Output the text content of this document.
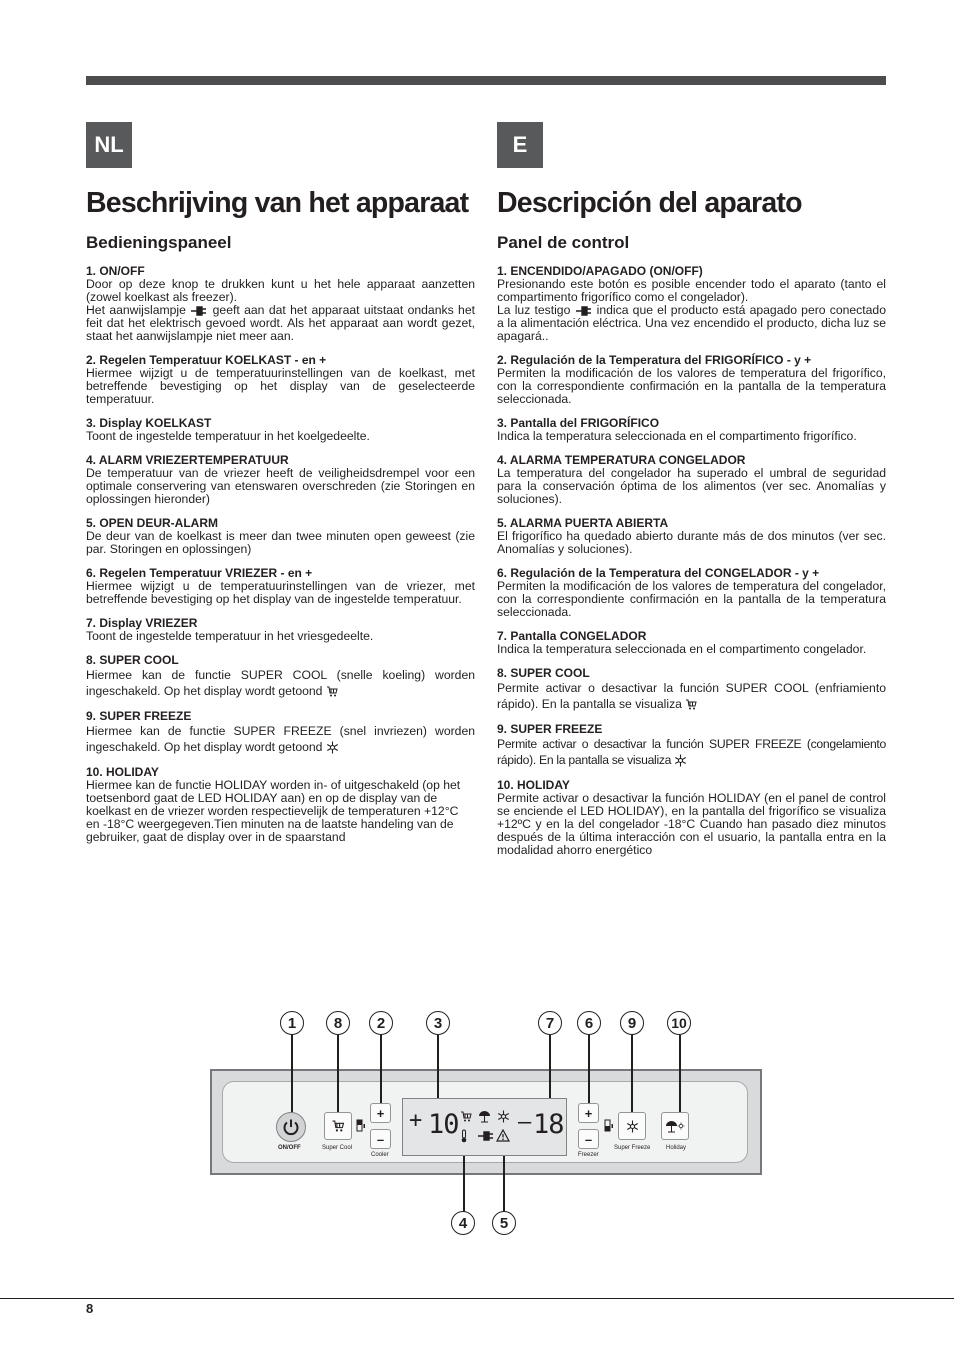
NL	E
Beschrijving van het apparaat
Bedieningspaneel
1. ON/OFF
Door op deze knop te drukken kunt u het hele apparaat aanzetten (zowel koelkast als freezer).
Het aanwijslampje geeft aan dat het apparaat uitstaat ondanks het feit dat het elektrisch gevoed wordt. Als het apparaat aan wordt gezet, staat het aanwijslampje niet meer aan.
2. Regelen Temperatuur KOELKAST - en +
Hiermee wijzigt u de temperatuurinstellingen van de koelkast, met betreffende bevestiging op het display van de geselecteerde temperatuur.
3. Display KOELKAST
Toont de ingestelde temperatuur in het koelgedeelte.
4. ALARM VRIEZERTEMPERATUUR
De temperatuur van de vriezer heeft de veiligheidsdrempel voor een optimale conservering van etenswaren overschreden (zie Storingen en oplossingen hieronder)
5. OPEN DEUR-ALARM
De deur van de koelkast is meer dan twee minuten open geweest (zie par. Storingen en oplossingen)
6. Regelen Temperatuur VRIEZER - en +
Hiermee wijzigt u de temperatuurinstellingen van de vriezer, met betreffende bevestiging op het display van de ingestelde temperatuur.
7. Display VRIEZER
Toont de ingestelde temperatuur in het vriesgedeelte.
8. SUPER COOL
Hiermee kan de functie SUPER COOL (snelle koeling) worden ingeschakeld. Op het display wordt getoond
9. SUPER FREEZE
Hiermee kan de functie SUPER FREEZE (snel invriezen) worden ingeschakeld. Op het display wordt getoond
10. HOLIDAY
Hiermee kan de functie HOLIDAY worden in- of uitgeschakeld (op het toetsenbord gaat de LED HOLIDAY aan) en op de display van de koelkast en de vriezer worden respectievelijk de temperaturen +12°C en -18°C weergegeven.Tien minuten na de laatste handeling van de gebruiker, gaat de display over in de spaarstand
Descripción del aparato
Panel de control
1. ENCENDIDO/APAGADO (ON/OFF)
Presionando este botón es posible encender todo el aparato (tanto el compartimento frigorífico como el congelador).
La luz testigo indica que el producto está apagado pero conectado a la alimentación eléctrica. Una vez encendido el producto, dicha luz se apagará..
2. Regulación de la Temperatura del FRIGORÍFICO - y +
Permiten la modificación de los valores de temperatura del frigorífico, con la correspondiente confirmación en la pantalla de la temperatura seleccionada.
3. Pantalla del FRIGORÍFICO
Indica la temperatura seleccionada en el compartimento frigorífico.
4. ALARMA TEMPERATURA CONGELADOR
La temperatura del congelador ha superado el umbral de seguridad para la conservación óptima de los alimentos (ver sec. Anomalías y soluciones).
5. ALARMA PUERTA ABIERTA
El frigorífico ha quedado abierto durante más de dos minutos (ver sec. Anomalías y soluciones).
6. Regulación de la Temperatura del CONGELADOR - y +
Permiten la modificación de los valores de temperatura del congelador, con la correspondiente confirmación en la pantalla de la temperatura seleccionada.
7. Pantalla CONGELADOR
Indica la temperatura seleccionada en el compartimento congelador.
8. SUPER COOL
Permite activar o desactivar la función SUPER COOL (enfriamiento rápido). En la pantalla se visualiza
9. SUPER FREEZE
Permite activar o desactivar la función SUPER FREEZE (congelamiento rápido). En la pantalla se visualiza
10. HOLIDAY
Permite activar o desactivar la función HOLIDAY (en el panel de control se enciende el LED HOLIDAY), en la pantalla del frigorífico se visualiza +12ºC y en la del congelador -18°C Cuando han pasado diez minutos después de la última interacción con el usuario, la pantalla entra en la modalidad ahorro energético
1	8	2	3	7	6	9	10
4	5
ON/OFF	Super Cool
+
–
Cooler
+ 10	– 18	+
–
Freezer
Super Freeze	Holiday
8
